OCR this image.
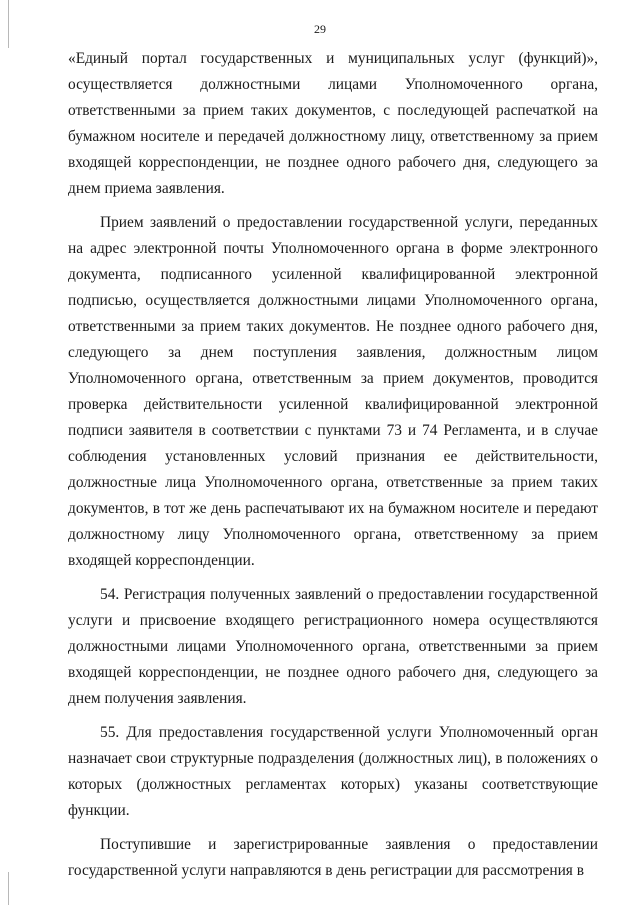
29

«Единый портал государственных и муниципальных услуг (функций)», осуществляется должностными лицами Уполномоченного органа, ответственными за прием таких документов, с последующей распечаткой на бумажном носителе и передачей должностному лицу, ответственному за прием входящей корреспонденции, не позднее одного рабочего дня, следующего за днем приема заявления.

Прием заявлений о предоставлении государственной услуги, переданных на адрес электронной почты Уполномоченного органа в форме электронного документа, подписанного усиленной квалифицированной электронной подписью, осуществляется должностными лицами Уполномоченного органа, ответственными за прием таких документов. Не позднее одного рабочего дня, следующего за днем поступления заявления, должностным лицом Уполномоченного органа, ответственным за прием документов, проводится проверка действительности усиленной квалифицированной электронной подписи заявителя в соответствии с пунктами 73 и 74 Регламента, и в случае соблюдения установленных условий признания ее действительности, должностные лица Уполномоченного органа, ответственные за прием таких документов, в тот же день распечатывают их на бумажном носителе и передают должностному лицу Уполномоченного органа, ответственному за прием входящей корреспонденции.

54. Регистрация полученных заявлений о предоставлении государственной услуги и присвоение входящего регистрационного номера осуществляются должностными лицами Уполномоченного органа, ответственными за прием входящей корреспонденции, не позднее одного рабочего дня, следующего за днем получения заявления.

55. Для предоставления государственной услуги Уполномоченный орган назначает свои структурные подразделения (должностных лиц), в положениях о которых (должностных регламентах которых) указаны соответствующие функции.

Поступившие и зарегистрированные заявления о предоставлении государственной услуги направляются в день регистрации для рассмотрения в
